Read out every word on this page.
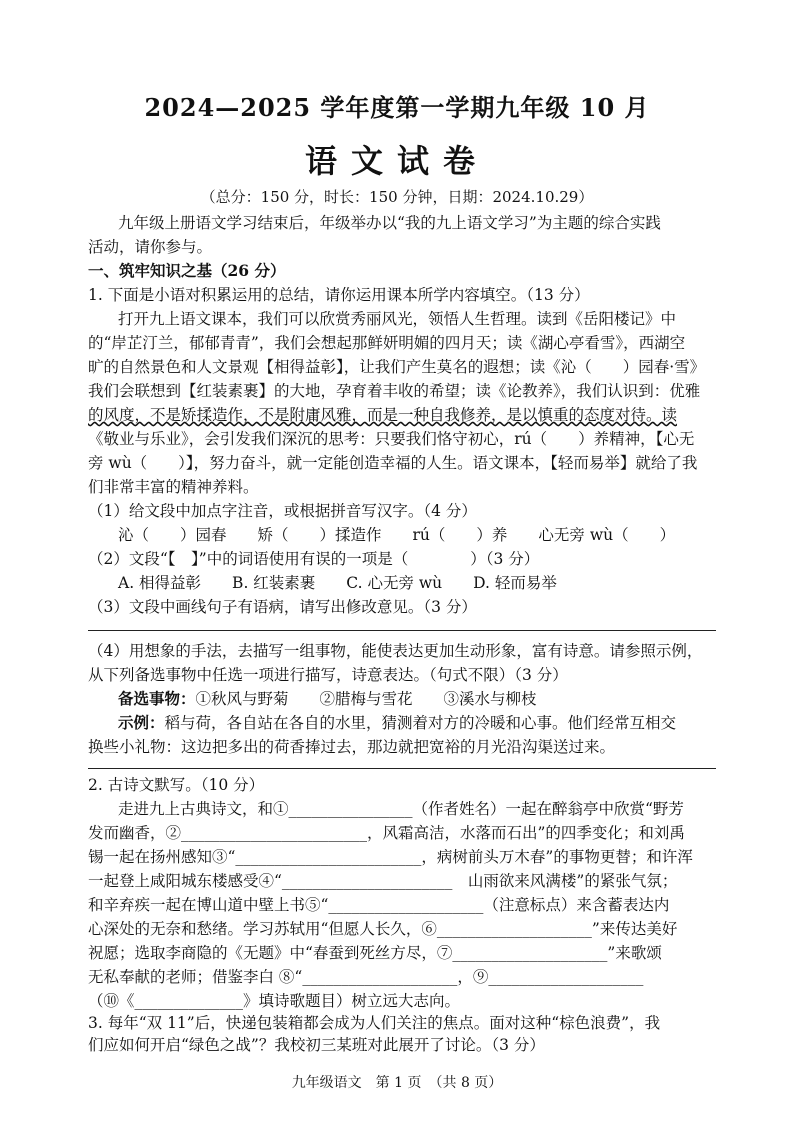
2024—2025 学年度第一学期九年级 10 月
语文试卷
（总分：150 分，时长：150 分钟，日期：2024.10.29）
九年级上册语文学习结束后，年级举办以“我的九上语文学习”为主题的综合实践
活动，请你参与。
一、筑牢知识之基（26 分）
1. 下面是小语对积累运用的总结，请你运用课本所学内容填空。（13 分）
打开九上语文课本，我们可以欣赏秀丽风光，领悟人生哲理。读到《岳阳楼记》中
的“岸芷汀兰，郁郁青青”，我们会想起那鲜妍明媚的四月天；读《湖心亭看雪》，西湖空
旷的自然景色和人文景观【相得益彰】，让我们产生莫名的遐想；读《沁（　　）园春·雪》
我们会联想到【红装素裹】的大地，孕育着丰收的希望；读《论教养》，我们认识到：优雅
的风度，不是矫揉造作，不是附庸风雅，而是一种自我修养，是以慎重的态度对待。读
《敬业与乐业》，会引发我们深沉的思考：只要我们恪守初心，rú（　　）养精神，【心无
旁 wù（　　）】，努力奋斗，就一定能创造幸福的人生。语文课本，【轻而易举】就给了我
们非常丰富的精神养料。
（1）给文段中加点字注音，或根据拼音写汉字。（4 分）
沁（　　）园春　　矫（　　）揉造作　　rú（　　）养　　心无旁 wù（　　）
（2）文段“【　】”中的词语使用有误的一项是（　　　　）（3 分）
A. 相得益彰　　B. 红装素裹　　C. 心无旁 wù　　D. 轻而易举
（3）文段中画线句子有语病，请写出修改意见。（3 分）
（4）用想象的手法，去描写一组事物，能使表达更加生动形象，富有诗意。请参照示例，
从下列备选事物中任选一项进行描写，诗意表达。（句式不限）（3 分）
备选事物：①秋风与野菊　　②腊梅与雪花　　③溪水与柳枝
示例：稻与荷，各自站在各自的水里，猜测着对方的冷暖和心事。他们经常互相交
换些小礼物：这边把多出的荷香捧过去，那边就把宽裕的月光沿沟渠送过来。
2. 古诗文默写。（10 分）
走进九上古典诗文，和①________________（作者姓名）一起在醉翁亭中欣赏“野芳
发而幽香，②________________________，风霜高洁，水落而石出”的四季变化；和刘禹
锡一起在扬州感知③“________________________，病树前头万木春”的事物更替；和许浑
一起登上咸阳城东楼感受④“______________________　山雨欲来风满楼”的紧张气氛；
和辛弃疾一起在博山道中壁上书⑤“____________________（注意标点）来含蓄表达内
心深处的无奈和愁绪。学习苏轼用“但愿人长久，⑥____________________”来传达美好
祝愿；选取李商隐的《无题》中“春蚕到死丝方尽，⑦____________________”来歌颂
无私奉献的老师；借鉴李白 ⑧“____________________，⑨____________________
（⑩《______________》填诗歌题目）树立远大志向。
3. 每年“双 11”后，快递包装箱都会成为人们关注的焦点。面对这种“棕色浪费”，我
们应如何开启“绿色之战”？我校初三某班对此展开了讨论。（3 分）
九年级语文　第 1 页　（共 8 页）
